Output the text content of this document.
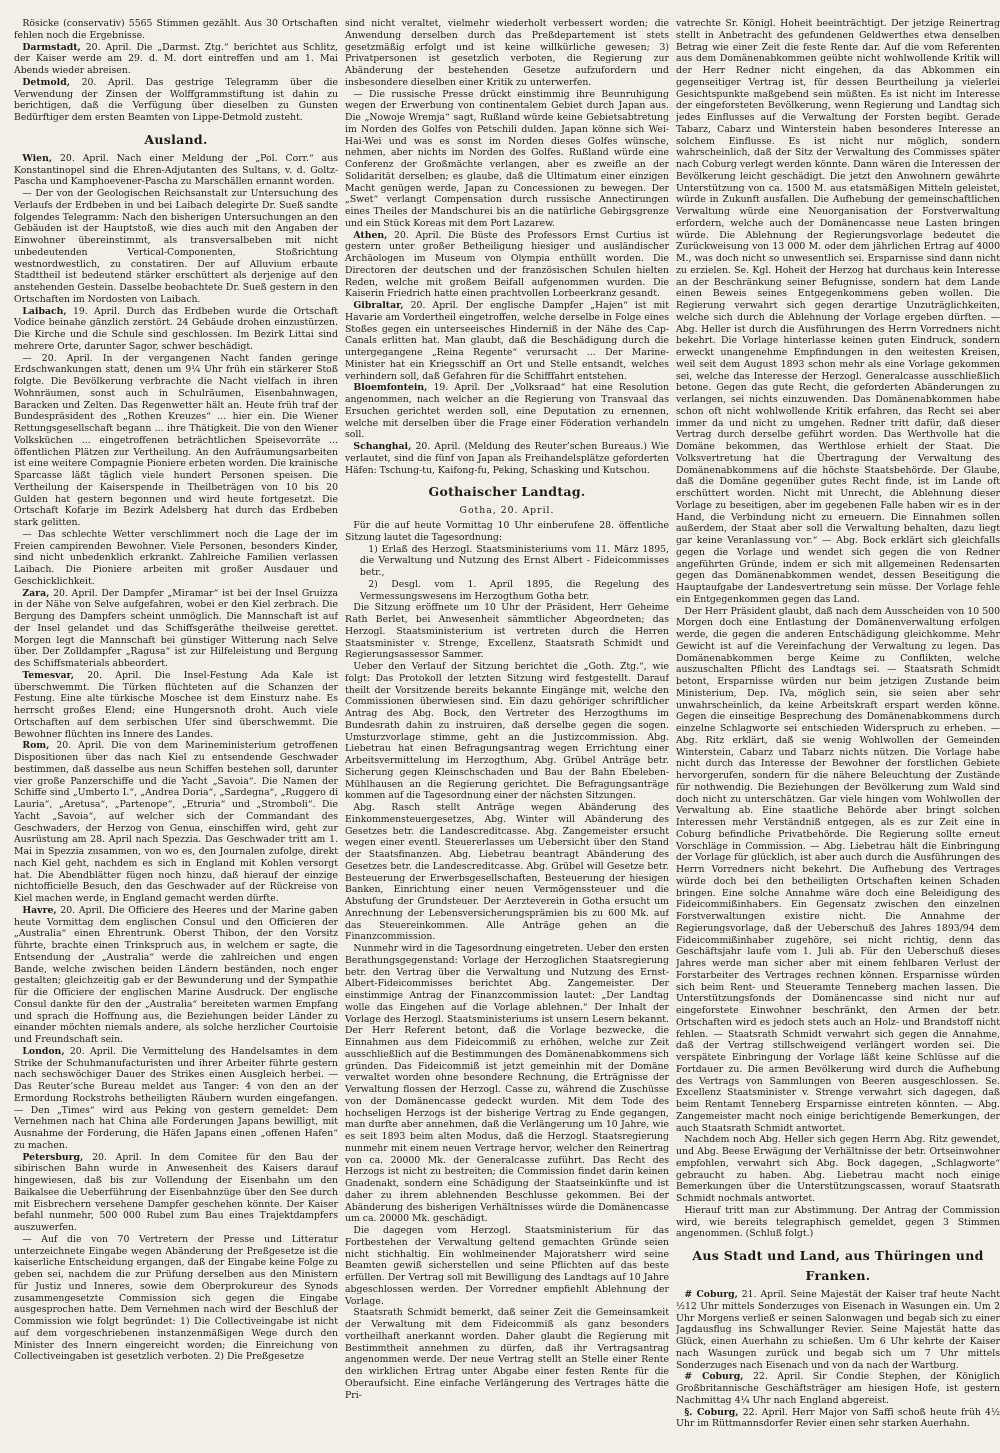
Rösicke (conservativ) 5565 Stimmen gezählt. Aus 30 Ortschaften fehlen noch die Ergebnisse.

Darmstadt, 20. April. Die „Darmst. Ztg.“ berichtet aus Schlitz, der Kaiser werde am 29. d. M. dort eintreffen und am 1. Mai Abends wieder abreisen.

Detmold, 20. April. Das gestrige Telegramm über die Verwendung der Zinsen der Wolffgrammstiftung ist dahin zu berichtigen, daß die Verfügung über dieselben zu Gunsten Bedürftiger dem ersten Beamten von Lippe-Detmold zusteht.

Ausland.

Wien, 20. April. Nach einer Meldung der „Pol. Corr.“ aus Konstantinopel sind die Ehren-Adjutanten des Sultans, v. d. Goltz-Pascha und Kamphoevener-Pascha zu Marschällen ernannt worden.

— Der von der Geologischen Reichsanstalt zur Untersuchung des Verlaufs der Erdbeben in und bei Laibach delegirte Dr. Sueß sandte folgendes Telegramm: Nach den bisherigen Untersuchungen an den Gebäuden ist der Hauptstoß, wie dies auch mit den Angaben der Einwohner übereinstimmt, als transversalbeben mit nicht unbedeutenden Vertical-Componenten, Stoßrichtung westnordwestlich, zu constatiren. Der auf Alluvium erbaute Stadttheil ist bedeutend stärker erschüttert als derjenige auf den anstehenden Gestein. Dasselbe beobachtete Dr. Sueß gestern in den Ortschaften im Nordosten von Laibach.

Laibach, 19. April. Durch das Erdbeben wurde die Ortschaft Vodice beinahe gänzlich zerstört. 24 Gebäude drohen einzustürzen. Die Kirche und die Schule sind geschlossen. Im Bezirk Littai sind mehrere Orte, darunter Sagor, schwer beschädigt.

— 20. April. In der vergangenen Nacht fanden geringe Erdschwankungen statt, denen um 9¼ Uhr früh ein stärkerer Stoß folgte. Die Bevölkerung verbrachte die Nacht vielfach in ihren Wohnräumen, sonst auch in Schulräumen, Eisenbahnwagen, Baracken und Zelten. Das Regenwetter hält an. Heute früh traf der Bundespräsident des „Rothen Kreuzes“ ... hier ein. Die Wiener Rettungsgesellschaft begann ... ihre Thätigkeit. Die von den Wiener Volksküchen ... eingetroffenen beträchtlichen Speisevorräte ... öffentlichen Plätzen zur Vertheilung. An den Aufräumungsarbeiten ist eine weitere Compagnie Pioniere erbeten worden. Die krainische Sparcasse läßt täglich viele hundert Personen speisen. Die Vertheilung der Kaiserspende in Theilbeträgen von 10 bis 20 Gulden hat gestern begonnen und wird heute fortgesetzt. Die Ortschaft Kofarje im Bezirk Adelsberg hat durch das Erdbeben stark gelitten.

— Das schlechte Wetter verschlimmert noch die Lage der im Freien campirenden Bewohner. Viele Personen, besonders Kinder, sind nicht unbedenklich erkrankt. Zahlreiche Familien verlassen Laibach. Die Pioniere arbeiten mit großer Ausdauer und Geschicklichkeit.

Zara, 20. April. Der Dampfer „Miramar“ ist bei der Insel Gruizza in der Nähe von Selve aufgefahren, wobei er den Kiel zerbrach. Die Bergung des Dampfers scheint unmöglich. Die Mannschaft ist auf der Insel gelandet und das Schiffsgeräthe theilweise gerettet. Morgen legt die Mannschaft bei günstiger Witterung nach Selve über. Der Zolldampfer „Ragusa“ ist zur Hilfeleistung und Bergung des Schiffsmaterials abbeordert.

Temesvar, 20. April. Die Insel-Festung Ada Kale ist überschwemmt. Die Türken flüchteten auf die Schanzen der Festung. Eine alte türkische Moschee ist dem Einsturz nahe. Es herrscht großes Elend; eine Hungersnoth droht. Auch viele Ortschaften auf dem serbischen Ufer sind überschwemmt. Die Bewohner flüchten ins Innere des Landes.

Rom, 20. April. Die von dem Marineministerium getroffenen Dispositionen über das nach Kiel zu entsendende Geschwader bestimmen, daß dasselbe aus neun Schiffen bestehen soll, darunter vier große Panzerschiffe und die Yacht „Savoia“. Die Namen der Schiffe sind „Umberto I.“, „Andrea Doria“, „Sardegna“, „Ruggero di Lauria“, „Aretusa“, „Partenope“, „Etruria“ und „Stromboli“. Die Yacht „Savoia“, auf welcher sich der Commandant des Geschwaders, der Herzog von Genua, einschiffen wird, geht zur Ausrüstung am 28. April nach Spezzia. Das Geschwader tritt am 1. Mai in Spezzia zusammen, von wo es, den Journalen zufolge, direkt nach Kiel geht, nachdem es sich in England mit Kohlen versorgt hat. Die Abendblätter fügen noch hinzu, daß hierauf der einzige nichtofficielle Besuch, den das Geschwader auf der Rückreise von Kiel machen werde, in England gemacht werden dürfte.

Havre, 20. April. Die Officiere des Heeres und der Marine gaben heute Vormittag dem englischen Consul und den Officieren der „Australia“ einen Ehrentrunk. Oberst Thibon, der den Vorsitz führte, brachte einen Trinkspruch aus, in welchem er sagte, die Entsendung der „Australia“ werde die zahlreichen und engen Bande, welche zwischen beiden Ländern beständen, noch enger gestalten; gleichzeitig gab er der Bewunderung und der Sympathie für die Officiere der englischen Marine Ausdruck. Der englische Consul dankte für den der „Australia“ bereiteten warmen Empfang und sprach die Hoffnung aus, die Beziehungen beider Länder zu einander möchten niemals andere, als solche herzlicher Courtoisie und Freundschaft sein.

London, 20. April. Die Vermittelung des Handelsamtes in dem Strike der Schuhmanufacturisten und ihrer Arbeiter führte gestern nach sechswöchiger Dauer des Strikes einen Ausgleich herbei. — Das Reuter’sche Bureau meldet aus Tanger: 4 von den an der Ermordung Rockstrohs betheiligten Räubern wurden eingefangen. — Den „Times“ wird aus Peking von gestern gemeldet: Dem Vernehmen nach hat China alle Forderungen Japans bewilligt, mit Ausnahme der Forderung, die Häfen Japans einen „offenen Hafen“ zu machen.

Petersburg, 20. April. In dem Comitee für den Bau der sibirischen Bahn wurde in Anwesenheit des Kaisers darauf hingewiesen, daß bis zur Vollendung der Eisenbahn um den Baikalsee die Ueberführung der Eisenbahnzüge über den See durch mit Eisbrechern versehene Dampfer geschehen könnte. Der Kaiser befahl nunmehr, 500 000 Rubel zum Bau eines Trajektdampfers auszuwerfen.

— Auf die von 70 Vertretern der Presse und Litteratur unterzeichnete Eingabe wegen Abänderung der Preßgesetze ist die kaiserliche Entscheidung ergangen, daß der Eingabe keine Folge zu geben sei, nachdem die zur Prüfung derselben aus den Ministern für Justiz und Inneres, sowie dem Oberprokureur des Synods zusammengesetzte Commission sich gegen die Eingabe ausgesprochen hatte. Dem Vernehmen nach wird der Beschluß der Commission wie folgt begründet: 1) Die Collectiveingabe ist nicht auf dem vorgeschriebenen instanzenmäßigen Wege durch den Minister des Innern eingereicht worden; die Einreichung von Collectiveingaben ist gesetzlich verboten. 2) Die Preßgesetze

sind nicht veraltet, vielmehr wiederholt verbessert worden; die Anwendung derselben durch das Preßdepartement ist stets gesetzmäßig erfolgt und ist keine willkürliche gewesen; 3) Privatpersonen ist gesetzlich verboten, die Regierung zur Abänderung der bestehenden Gesetze aufzufordern und insbesondere dieselben einer Kritik zu unterwerfen.

— Die russische Presse drückt einstimmig ihre Beunruhigung wegen der Erwerbung von continentalem Gebiet durch Japan aus. Die „Nowoje Wremja“ sagt, Rußland würde keine Gebietsabtretung im Norden des Golfes von Petschili dulden. Japan könne sich Wei-Hai-Wei und was es sonst im Norden dieses Golfes wünsche, nehmen, aber nichts im Norden des Golfes. Rußland würde eine Conferenz der Großmächte verlangen, aber es zweifle an der Solidarität derselben; es glaube, daß die Ultimatum einer einzigen Macht genügen werde, Japan zu Concessionen zu bewegen. Der „Swet“ verlangt Compensation durch russische Annectirungen eines Theiles der Mandschurei bis an die natürliche Gebirgsgrenze und ein Stück Koreas mit dem Port Lazarew.

Athen, 20. April. Die Büste des Professors Ernst Curtius ist gestern unter großer Betheiligung hiesiger und ausländischer Archäologen im Museum von Olympia enthüllt worden. Die Directoren der deutschen und der französischen Schulen hielten Reden, welche mit großem Beifall aufgenommen wurden. Die Kaiserin Friedrich hatte einen prachtvollen Lorbeerkranz gesandt.

Gibraltar, 20. April. Der englische Dampfer „Hajen“ ist mit Havarie am Vordertheil eingetroffen, welche derselbe in Folge eines Stoßes gegen ein unterseeisches Hinderniß in der Nähe des Cap-Canals erlitten hat. Man glaubt, daß die Beschädigung durch die untergegangene „Reina Regente“ verursacht ... Der Marine-Minister hat ein Kriegsschiff an Ort und Stelle entsandt, welches verhindern soll, daß Gefahren für die Schifffahrt entstehen.

Bloemfontein, 19. April. Der „Volksraad“ hat eine Resolution angenommen, nach welcher an die Regierung von Transvaal das Ersuchen gerichtet werden soll, eine Deputation zu ernennen, welche mit derselben über die Frage einer Föderation verhandeln soll.

Schanghai, 20. April. (Meldung des Reuter’schen Bureaus.) Wie verlautet, sind die fünf von Japan als Freihandelsplätze geforderten Häfen: Tschung-tu, Kaifong-fu, Peking, Schasking und Kutschou.

Gothaischer Landtag.
Gotha, 20. April.

Für die auf heute Vormittag 10 Uhr einberufene 28. öffentliche Sitzung lautet die Tagesordnung:

1) Erlaß des Herzogl. Staatsministeriums vom 11. März 1895, die Verwaltung und Nutzung des Ernst Albert - Fideicommisses betr.,

2) Desgl. vom 1. April 1895, die Regelung des Vermessungswesens im Herzogthum Gotha betr.

Die Sitzung eröffnete um 10 Uhr der Präsident, Herr Geheime Rath Berlet, bei Anwesenheit sämmtlicher Abgeordneten; das Herzogl. Staatsministerium ist vertreten durch die Herren Staatsminister v. Strenge, Excellenz, Staatsrath Schmidt und Regierungsassessor Sammer.

Ueber den Verlauf der Sitzung berichtet die „Goth. Ztg.“, wie folgt: Das Protokoll der letzten Sitzung wird festgestellt. Darauf theilt der Vorsitzende bereits bekannte Eingänge mit, welche den Commissionen überwiesen sind. Ein dazu gehöriger schriftlicher Antrag des Abg. Bock, den Vertreter des Herzogthums im Bundesrath dahin zu instruiren, daß derselbe gegen die sogen. Umsturzvorlage stimme, geht an die Justizcommission. Abg. Liebetrau hat einen Befragungsantrag wegen Errichtung einer Arbeitsvermittelung im Herzogthum, Abg. Grübel Anträge betr. Sicherung gegen Kleinschschaden und Bau der Bahn Ebeleben-Mühlhausen an die Regierung gerichtet. Die Befragungsanträge kommen auf die Tagesordnung einer der nächsten Sitzungen.

Abg. Rasch stellt Anträge wegen Abänderung des Einkommensteuergesetzes, Abg. Winter will Abänderung des Gesetzes betr. die Landescreditcasse. Abg. Zangemeister ersucht wegen einer eventl. Steuererlasses um Uebersicht über den Stand der Staatsfinanzen. Abg. Liebetrau beantragt Abänderung des Gesetzes betr. die Landescreditcasse. Abg. Grübel will Gesetze betr. Besteuerung der Erwerbsgesellschaften, Besteuerung der hiesigen Banken, Einrichtung einer neuen Vermögenssteuer und die Abstufung der Grundsteuer. Der Aerzteverein in Gotha ersucht um Anrechnung der Lebensversicherungsprämien bis zu 600 Mk. auf das Steuereinkommen. Alle Anträge gehen an die Finanzcommission.

Nunmehr wird in die Tagesordnung eingetreten. Ueber den ersten Berathungsgegenstand: Vorlage der Herzoglichen Staatsregierung betr. den Vertrag über die Verwaltung und Nutzung des Ernst-Albert-Fideicommisses berichtet Abg. Zangemeister. Der einstimmige Antrag der Finanzcommission lautet: „Der Landtag wolle das Eingehen auf die Vorlage ablehnen.“ Der Inhalt der Vorlage des Herzogl. Staatsministeriums ist unsern Lesern bekannt. Der Herr Referent betont, daß die Vorlage bezwecke, die Einnahmen aus dem Fideicommiß zu erhöhen, welche zur Zeit ausschließlich auf die Bestimmungen des Domänenabkommens sich gründen. Das Fideicommiß ist jetzt gemeinhin mit der Domäne verwaltet worden ohne besondere Rechnung, die Erträgnisse der Verwaltung flossen der Herzogl. Casse zu, während die Zuschüsse von der Domänencasse gedeckt wurden. Mit dem Tode des hochseligen Herzogs ist der bisherige Vertrag zu Ende gegangen, man durfte aber annehmen, daß die Verlängerung um 10 Jahre, wie es seit 1893 beim alten Modus, daß die Herzogl. Staatsregierung nunmehr mit einem neuen Vertrage hervor, welcher den Reinertrag von ca. 20000 Mk. der Generalcasse zuführt. Das Recht des Herzogs ist nicht zu bestreiten; die Commission findet darin keinen Gnadenakt, sondern eine Schädigung der Staatseinkünfte und ist daher zu ihrem ablehnenden Beschlusse gekommen. Bei der Abänderung des bisherigen Verhältnisses würde die Domänencasse um ca. 20000 Mk. geschädigt.

Die dagegen vom Herzogl. Staatsministerium für das Fortbestehen der Verwaltung geltend gemachten Gründe seien nicht stichhaltig. Ein wohlmeinender Majoratsherr wird seine Beamten gewiß sicherstellen und seine Pflichten auf das beste erfüllen. Der Vertrag soll mit Bewilligung des Landtags auf 10 Jahre abgeschlossen werden. Der Vorredner empfiehlt Ablehnung der Vorlage.

Staatsrath Schmidt bemerkt, daß seiner Zeit die Gemeinsamkeit der Verwaltung mit dem Fideicommiß als ganz besonders vortheilhaft anerkannt worden. Daher glaubt die Regierung mit Bestimmtheit annehmen zu dürfen, daß ihr Vertragsantrag angenommen werde. Der neue Vertrag stellt an Stelle einer Rente den wirklichen Ertrag unter Abgabe einer festen Rente für die Oberaufsicht. Eine einfache Verlängerung des Vertrages hätte die Pri-

vatrechte Sr. Königl. Hoheit beeinträchtigt. Der jetzige Reinertrag stellt in Anbetracht des gefundenen Geldwerthes etwa denselben Betrag wie einer Zeit die feste Rente dar. Auf die vom Referenten aus dem Domänenabkommen geübte nicht wohlwollende Kritik will der Herr Redner nicht eingehen, da das Abkommen ein gegenseitiger Vertrag ist, für dessen Beurtheilung ja vielerlei Gesichtspunkte maßgebend sein müßten. Es ist nicht im Interesse der eingeforsteten Bevölkerung, wenn Regierung und Landtag sich jedes Einflusses auf die Verwaltung der Forsten begibt. Gerade Tabarz, Cabarz und Winterstein haben besonderes Interesse an solchem Einflusse. Es ist nicht nur möglich, sondern wahrscheinlich, daß der Sitz der Verwaltung des Commisses später nach Coburg verlegt werden könnte. Dann wären die Interessen der Bevölkerung leicht geschädigt. Die jetzt den Anwohnern gewährte Unterstützung von ca. 1500 M. aus etatsmäßigen Mitteln geleistet, würde in Zukunft ausfallen. Die Aufhebung der gemeinschaftlichen Verwaltung würde eine Neuorganisation der Forstverwaltung erfordern, welche auch der Domänencasse neue Lasten bringen würde. Die Ablehnung der Regierungsvorlage bedeutet die Zurückweisung von 13 000 M. oder dem jährlichen Ertrag auf 4000 M., was doch nicht so unwesentlich sei. Ersparnisse sind dann nicht zu erzielen. Se. Kgl. Hoheit der Herzog hat durchaus kein Interesse an der Beschränkung seiner Befugnisse, sondern hat dem Lande einen Beweis seines Entgegenkommens geben wollen. Die Regierung verwahrt sich gegen derartige Unzuträglichkeiten, welche sich durch die Ablehnung der Vorlage ergeben dürften. — Abg. Heller ist durch die Ausführungen des Herrn Vorredners nicht bekehrt. Die Vorlage hinterlasse keinen guten Eindruck, sondern erweckt unangenehme Empfindungen in den weitesten Kreisen, weil seit dem August 1893 schon mehr als eine Vorlage gekommen sei, welche das Interesse der Herzogl. Generalcasse ausschließlich betone. Gegen das gute Recht, die geforderten Abänderungen zu verlangen, sei nichts einzuwenden. Das Domänenabkommen habe schon oft nicht wohlwollende Kritik erfahren, das Recht sei aber immer da und nicht zu umgehen. Redner tritt dafür, daß dieser Vertrag durch derselbe geführt worden. Das Werthvolle hat die Domäne bekommen, das Werthlose erhielt der Staat. Die Volksvertretung hat die Übertragung der Verwaltung des Domänenabkommens auf die höchste Staatsbehörde. Der Glaube, daß die Domäne gegenüber gutes Recht finde, ist im Lande oft erschüttert worden. Nicht mit Unrecht, die Ablehnung dieser Vorlage zu beseitigen, aber im gegebenen Falle haben wir es in der Hand, die Verbindung nicht zu erneuern. Die Einnahmen sollen außerdem, der Staat aber soll die Verwaltung behalten, dazu liegt gar keine Veranlassung vor.“ — Abg. Bock erklärt sich gleichfalls gegen die Vorlage und wendet sich gegen die von Redner angeführten Gründe, indem er sich mit allgemeinen Redensarten gegen das Domänenabkommen wendet, dessen Beseitigung die Hauptaufgabe der Landesvertretung sein müsse. Der Vorlage fehle ein Entgegenkommen gegen das Land.

Der Herr Präsident glaubt, daß nach dem Ausscheiden von 10 500 Morgen doch eine Entlastung der Domänenverwaltung erfolgen werde, die gegen die anderen Entschädigung gleichkomme. Mehr Gewicht ist auf die Vereinfachung der Verwaltung zu legen. Das Domänenabkommen berge Keime zu Conflikten, welche auszuschalten Pflicht des Landtags sei. — Staatsrath Schmidt betont, Ersparnisse würden nur beim jetzigen Zustande beim Ministerium, Dep. IVa, möglich sein, sie seien aber sehr unwahrscheinlich, da keine Arbeitskraft erspart werden könne. Gegen die einseitige Besprechung des Domänenabkommens durch einzelne Schlagworte sei entschieden Widerspruch zu erheben. — Abg. Ritz erklärt, daß sie wenig Wohlwollen der Gemeinden Winterstein, Cabarz und Tabarz nichts nützen. Die Vorlage habe nicht durch das Interesse der Bewohner der forstlichen Gebiete hervorgerufen, sondern für die nähere Beleuchtung der Zustände für nothwendig. Die Beziehungen der Bevölkerung zum Wald sind doch nicht zu unterschätzen. Gar viele hingen vom Wohlwollen der Verwaltung ab. Eine staatliche Behörde aber bringt solchen Interessen mehr Verständniß entgegen, als es zur Zeit eine in Coburg befindliche Privatbehörde. Die Regierung sollte erneut Vorschläge in Commission. — Abg. Liebetrau hält die Einbringung der Vorlage für glücklich, ist aber auch durch die Ausführungen des Herrn Vorredners nicht bekehrt. Die Aufhebung des Vertrages würde doch bei den betheiligten Ortschaften keinen Schaden bringen. Eine solche Annahme wäre doch eine Beleidigung des Fideicommißinhabers. Ein Gegensatz zwischen den einzelnen Forstverwaltungen existire nicht. Die Annahme der Regierungsvorlage, daß der Ueberschuß des Jahres 1893/94 dem Fideicommißinhaber zugehöre, sei nicht richtig, denn das Geschäftsjahr laufe vom 1. Juli ab. Für den Ueberschuß dieses Jahres werde man sicher aber mit einem fehlbaren Verlust der Forstarbeiter des Vertrages rechnen können. Ersparnisse würden sich beim Rent- und Steueramte Tenneberg machen lassen. Die Unterstützungsfonds der Domänencasse sind nicht nur auf eingeforstete Einwohner beschränkt, den Armen der betr. Ortschaften wird es jedoch stets auch an Holz- und Brandstoff nicht fehlen. — Staatsrath Schmidt verwahrt sich gegen die Annahme, daß der Vertrag stillschweigend verlängert worden sei. Die verspätete Einbringung der Vorlage läßt keine Schlüsse auf die Fortdauer zu. Die armen Bevölkerung wird durch die Aufhebung des Vertrags von Sammlungen von Beeren ausgeschlossen. Se. Excellenz Staatsminister v. Strenge verwahrt sich dagegen, daß beim Rentamt Tenneberg Ersparnisse eintreten könnten. — Abg. Zangemeister macht noch einige berichtigende Bemerkungen, der auch Staatsrath Schmidt antwortet.

Nachdem noch Abg. Heller sich gegen Herrn Abg. Ritz gewendet, und Abg. Beese Erwägung der Verhältnisse der betr. Ortseinwohner empfohlen, verwahrt sich Abg. Bock dagegen, „Schlagworte“ gebraucht zu haben. Abg. Liebetrau macht noch einige Bemerkungen über die Unterstützungscassen, worauf Staatsrath Schmidt nochmals antwortet.

Hierauf tritt man zur Abstimmung. Der Antrag der Commission wird, wie bereits telegraphisch gemeldet, gegen 3 Stimmen angenommen. (Schluß folgt.)

Aus Stadt und Land, aus Thüringen und Franken.

# Coburg, 21. April. Seine Majestät der Kaiser traf heute Nacht ½12 Uhr mittels Sonderzuges von Eisenach in Wasungen ein. Um 2 Uhr Morgens verließ er seinen Salonwagen und begab sich zu einer Jagdausflug ins Schwallunger Revier. Seine Majestät hatte das Glück, einen Auerhahn zu schießen. Um 6 Uhr kehrte der Kaiser nach Wasungen zurück und begab sich um 7 Uhr mittels Sonderzuges nach Eisenach und von da nach der Wartburg.

# Coburg, 22. April. Sir Condie Stephen, der Königlich Großbritannische Geschäftsträger am hiesigen Hofe, ist gestern Nachmittag 4¼ Uhr nach England abgereist.

§. Coburg, 22. April. Herr Major von Saffi schoß heute früh 4½ Uhr im Rüttmannsdorfer Revier einen sehr starken Auerhahn.
